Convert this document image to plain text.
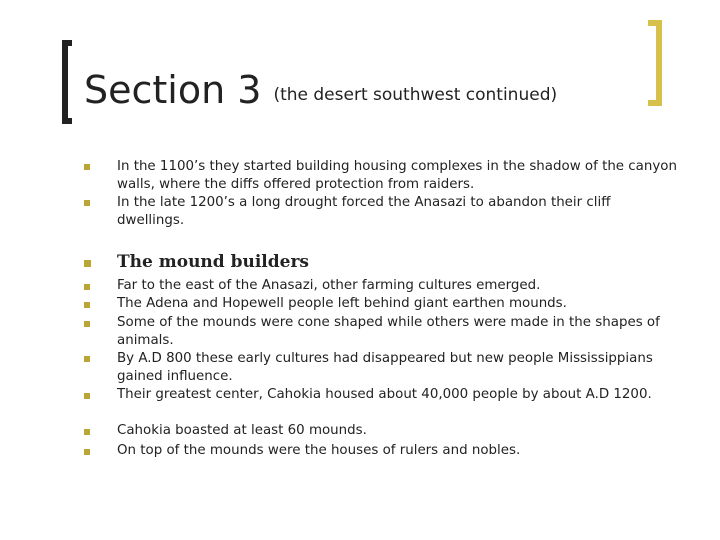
Section 3 (the desert southwest continued)
In the 1100’s they started building housing complexes in the shadow of the canyon walls, where the diffs offered protection from raiders.
In the late 1200’s a long drought forced the Anasazi to abandon their cliff dwellings.
The mound builders
Far to the east of the Anasazi, other farming cultures emerged.
The Adena and Hopewell people left behind giant earthen mounds.
Some of the mounds were cone shaped while others were made in the shapes of animals.
By A.D 800 these early cultures had disappeared but new people Mississippians gained influence.
Their greatest center, Cahokia housed about 40,000 people by about A.D 1200.
Cahokia boasted at least 60 mounds.
On top of the mounds were the houses of rulers and nobles.
